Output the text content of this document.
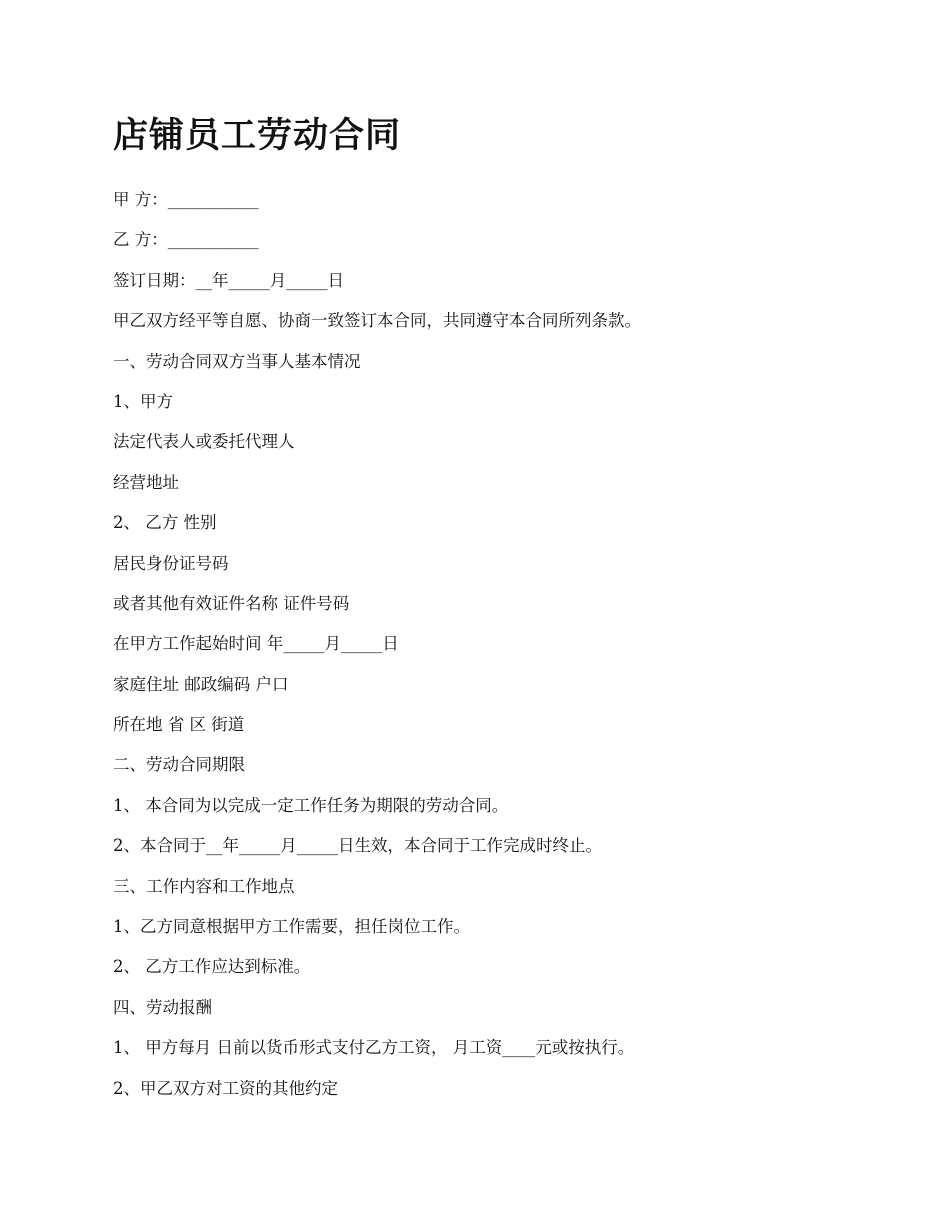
店铺员工劳动合同
甲 方：___________
乙 方：___________
签订日期：__年_____月_____日
甲乙双方经平等自愿、协商一致签订本合同，共同遵守本合同所列条款。
一、劳动合同双方当事人基本情况
1、甲方
法定代表人或委托代理人
经营地址
2、 乙方 性别
居民身份证号码
或者其他有效证件名称 证件号码
在甲方工作起始时间 年_____月_____日
家庭住址 邮政编码 户口
所在地 省 区 街道
二、劳动合同期限
1、 本合同为以完成一定工作任务为期限的劳动合同。
2、本合同于__年_____月_____日生效，本合同于工作完成时终止。
三、工作内容和工作地点
1、乙方同意根据甲方工作需要，担任岗位工作。
2、 乙方工作应达到标准。
四、劳动报酬
1、 甲方每月 日前以货币形式支付乙方工资， 月工资____元或按执行。
2、甲乙双方对工资的其他约定
